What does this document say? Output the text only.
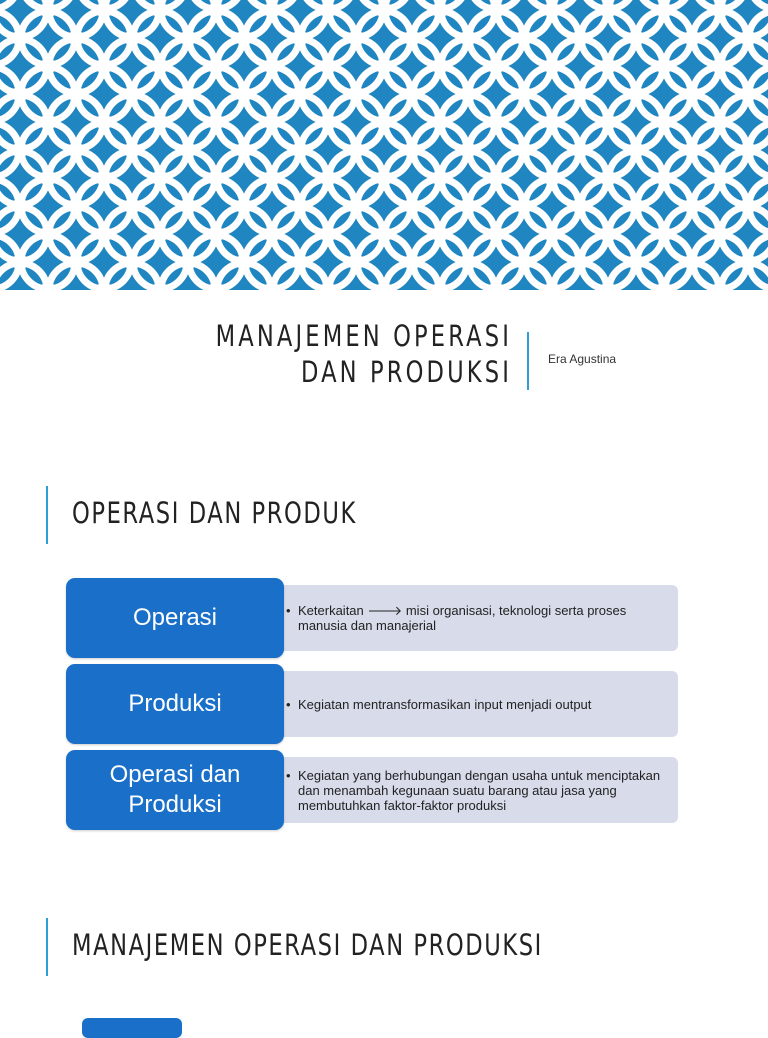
MANAJEMEN OPERASI DAN PRODUKSI	Era Agustina
OPERASI DAN PRODUK
• Keterkaitan 🡒 misi organisasi, teknologi serta proses manusia dan manajerial
Operasi
• Kegiatan mentransformasikan input menjadi output
Produksi
• Kegiatan yang berhubungan dengan usaha untuk menciptakan dan menambah kegunaan suatu barang atau jasa yang membutuhkan faktor-faktor produksi
Operasi dan Produksi
MANAJEMEN OPERASI DAN PRODUKSI
